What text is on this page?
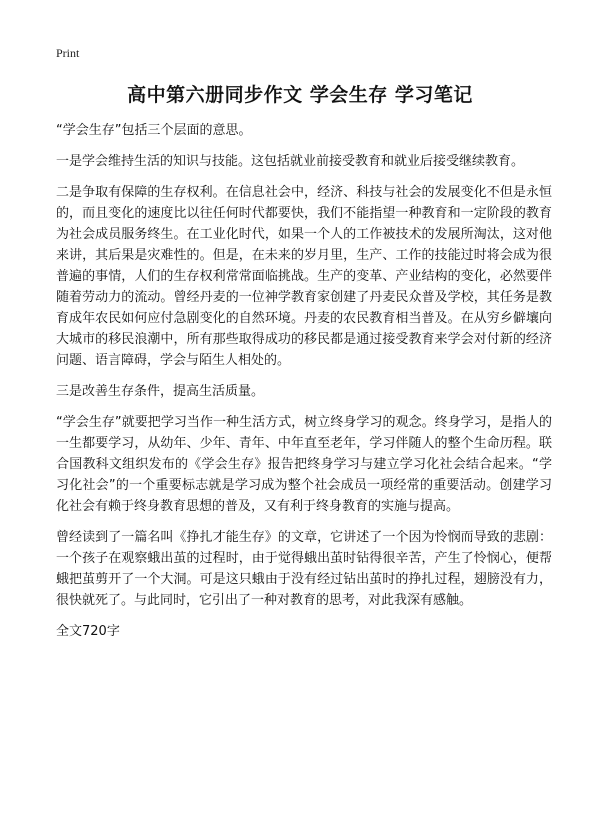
Print
高中第六册同步作文 学会生存 学习笔记

“学会生存”包括三个层面的意思。

一是学会维持生活的知识与技能。这包括就业前接受教育和就业后接受继续教育。

二是争取有保障的生存权利。在信息社会中，经济、科技与社会的发展变化不但是永恒的，而且变化的速度比以往任何时代都要快，我们不能指望一种教育和一定阶段的教育为社会成员服务终生。在工业化时代，如果一个人的工作被技术的发展所淘汰，这对他来讲，其后果是灾难性的。但是，在未来的岁月里，生产、工作的技能过时将会成为很普遍的事情，人们的生存权利常常面临挑战。生产的变革、产业结构的变化，必然要伴随着劳动力的流动。曾经丹麦的一位神学教育家创建了丹麦民众普及学校，其任务是教育成年农民如何应付急剧变化的自然环境。丹麦的农民教育相当普及。在从穷乡僻壤向大城市的移民浪潮中，所有那些取得成功的移民都是通过接受教育来学会对付新的经济问题、语言障碍，学会与陌生人相处的。

三是改善生存条件，提高生活质量。

“学会生存”就要把学习当作一种生活方式，树立终身学习的观念。终身学习，是指人的一生都要学习，从幼年、少年、青年、中年直至老年，学习伴随人的整个生命历程。联合国教科文组织发布的《学会生存》报告把终身学习与建立学习化社会结合起来。“学习化社会”的一个重要标志就是学习成为整个社会成员一项经常的重要活动。创建学习化社会有赖于终身教育思想的普及，又有利于终身教育的实施与提高。

曾经读到了一篇名叫《挣扎才能生存》的文章，它讲述了一个因为怜悯而导致的悲剧：一个孩子在观察蛾出茧的过程时，由于觉得蛾出茧时钻得很辛苦，产生了怜悯心，便帮蛾把茧剪开了一个大洞。可是这只蛾由于没有经过钻出茧时的挣扎过程，翅膀没有力，很快就死了。与此同时，它引出了一种对教育的思考，对此我深有感触。

全文720字
